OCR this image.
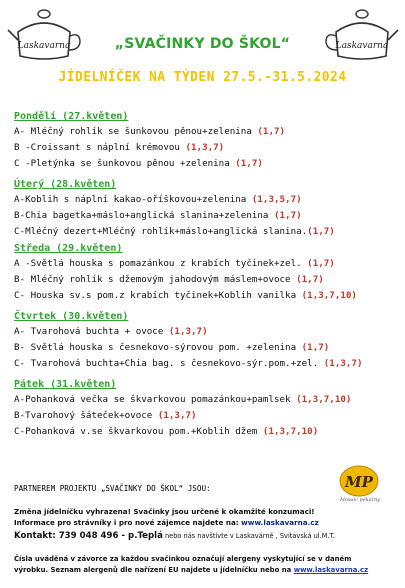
Laskavarna	Laskavarna
„SVAČINKY DO ŠKOL“
JÍDELNÍČEK NA TÝDEN 27.5.-31.5.2024
Pondělí (27.květen)
A- Mléčný rohlík se šunkovou pěnou+zelenina (1,7)
B -Croissant s náplní krémovou (1,3,7)
C -Pletýnka se šunkovou pěnou +zelenina (1,7)
Úterý (28.květen)
A-Koblih s náplní kakao-oříškovou+zelenina (1,3,5,7)
B-Chia bagetka+máslo+anglická slanina+zelenina (1,7)
C-Mléčný dezert+Mléčný rohlík+máslo+anglická slanina.(1,7)
Středa (29.květen)
A -Světlá houska s pomazánkou z krabích tyčinek+zel. (1,7)
B- Mléčný rohlík s džemovým jahodovým máslem+ovoce (1,7)
C- Houska sv.s pom.z krabích tyčinek+Koblih vanilka (1,3,7,10)
Čtvrtek (30.květen)
A- Tvarohová buchta + ovoce (1,3,7)
B- Světlá houska s česnekovo-sýrovou pom. +zelenina (1,7)
C- Tvarohová buchta+Chia bag. s česnekovo-sýr.pom.+zel. (1,3,7)
Pátek (31.květen)
A-Pohanková večka se škvarkovou pomazánkou+pamlsek (1,3,7,10)
B-Tvarohový šáteček+ovoce (1,3,7)
C-Pohanková v.se škvarkovou pom.+Koblih džem (1,3,7,10)
PARTNEREM PROJEKTU „SVAČINKY DO ŠKOL“ JSOU:	MP
Mosaic pekárny
Změna jídelníčku vyhrazena! Svačinky jsou určené k okamžité konzumaci!
Informace pro strávníky i pro nové zájemce najdete na: www.laskavarna.cz
Kontakt: 739 048 496 - p.Teplá nebo nás navštivte v Laskavárně , Svitavská ul.M.T.
Čísla uváděná v závorce za každou svačinkou označují alergeny vyskytující se v daném
výrobku. Seznam alergenů dle nařízení EU najdete u jídelníčku nebo na www.laskavarna.cz
